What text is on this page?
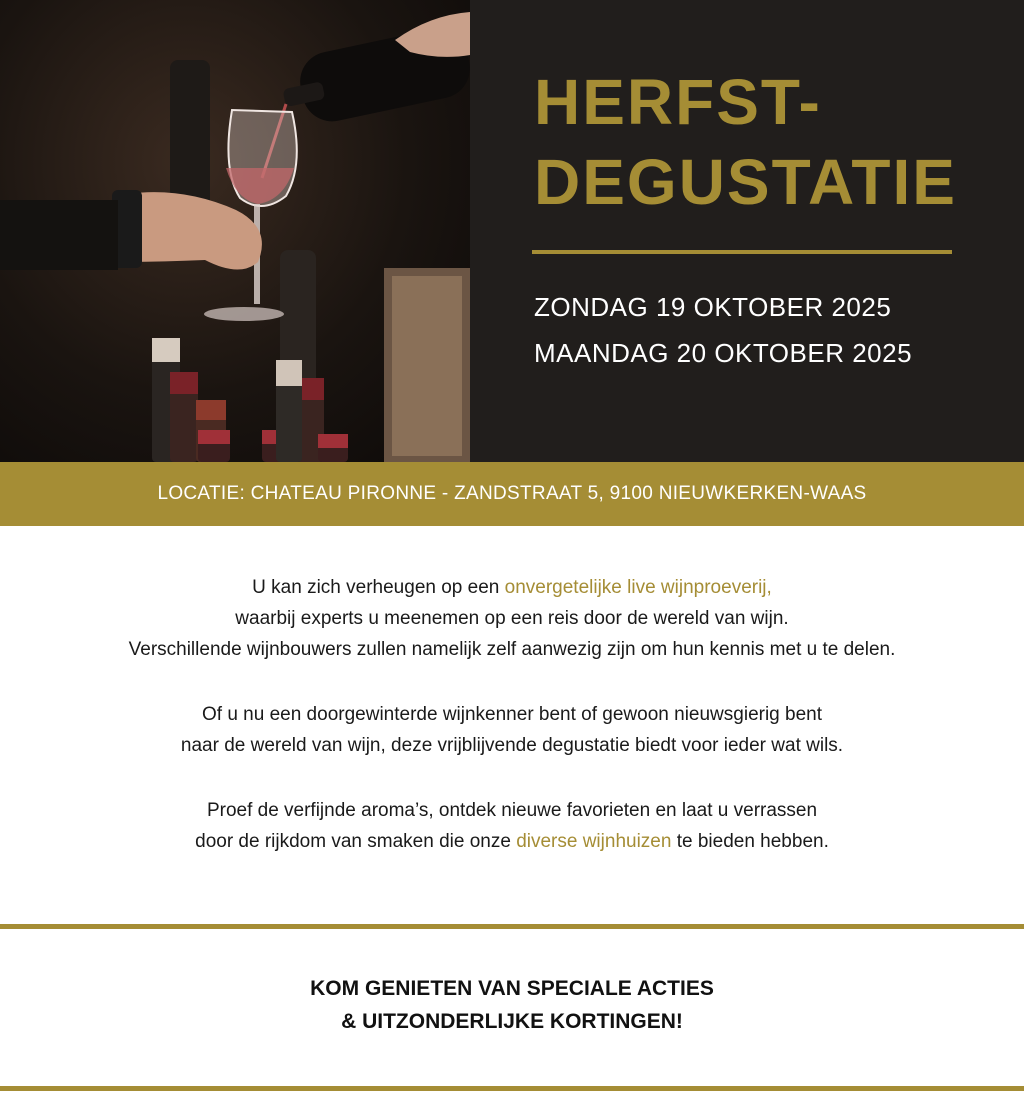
HERFST-
DEGUSTATIE
ZONDAG 19 OKTOBER 2025
MAANDAG 20 OKTOBER 2025
LOCATIE: CHATEAU PIRONNE - ZANDSTRAAT 5, 9100 NIEUWKERKEN-WAAS

U kan zich verheugen op een onvergetelijke live wijnproeverij,
waarbij experts u meenemen op een reis door de wereld van wijn.
Verschillende wijnbouwers zullen namelijk zelf aanwezig zijn om hun kennis met u te delen.

Of u nu een doorgewinterde wijnkenner bent of gewoon nieuwsgierig bent
naar de wereld van wijn, deze vrijblijvende degustatie biedt voor ieder wat wils.

Proef de verfijnde aroma’s, ontdek nieuwe favorieten en laat u verrassen
door de rijkdom van smaken die onze diverse wijnhuizen te bieden hebben.

KOM GENIETEN VAN SPECIALE ACTIES
& UITZONDERLIJKE KORTINGEN!
